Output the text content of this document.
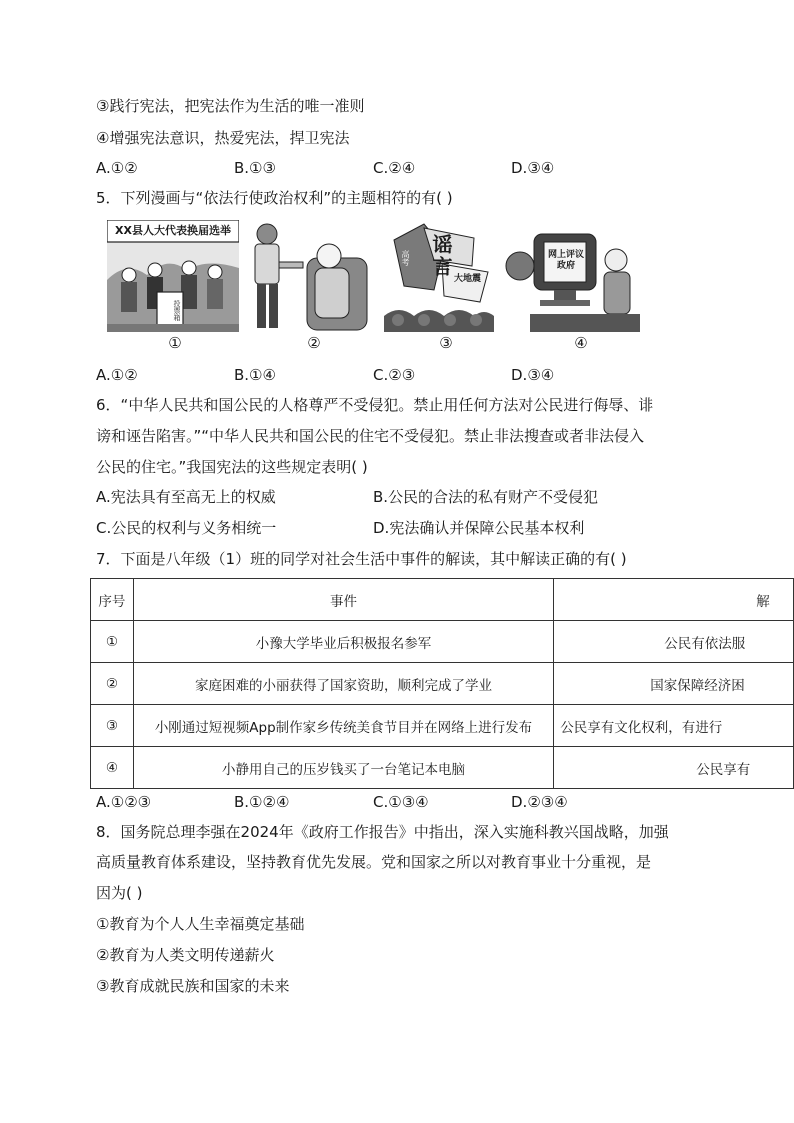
③践行宪法，把宪法作为生活的唯一准则
④增强宪法意识，热爱宪法，捍卫宪法
A.①②	B.①③	C.②④	D.③④
5．下列漫画与“依法行使政治权利”的主题相符的有( )
XX县人大代表换届选举
投票箱
谣言
高考
大地震
网上评议政府
①	②	③	④
A.①②	B.①④	C.②③	D.③④
6．“中华人民共和国公民的人格尊严不受侵犯。禁止用任何方法对公民进行侮辱、诽
谤和诬告陷害。”“中华人民共和国公民的住宅不受侵犯。禁止非法搜查或者非法侵入
公民的住宅。”我国宪法的这些规定表明( )
A.宪法具有至高无上的权威	B.公民的合法的私有财产不受侵犯
C.公民的权利与义务相统一	D.宪法确认并保障公民基本权利
7．下面是八年级（1）班的同学对社会生活中事件的解读，其中解读正确的有( )
序号	事件	解
①	小豫大学毕业后积极报名参军	公民有依法服
②	家庭困难的小丽获得了国家资助，顺利完成了学业	国家保障经济困
③	小刚通过短视频App制作家乡传统美食节目并在网络上进行发布	公民享有文化权利，有进行
④	小静用自己的压岁钱买了一台笔记本电脑	公民享有
A.①②③	B.①②④	C.①③④	D.②③④
8．国务院总理李强在2024年《政府工作报告》中指出，深入实施科教兴国战略，加强
高质量教育体系建设，坚持教育优先发展。党和国家之所以对教育事业十分重视，是
因为( )
①教育为个人人生幸福奠定基础
②教育为人类文明传递薪火
③教育成就民族和国家的未来
